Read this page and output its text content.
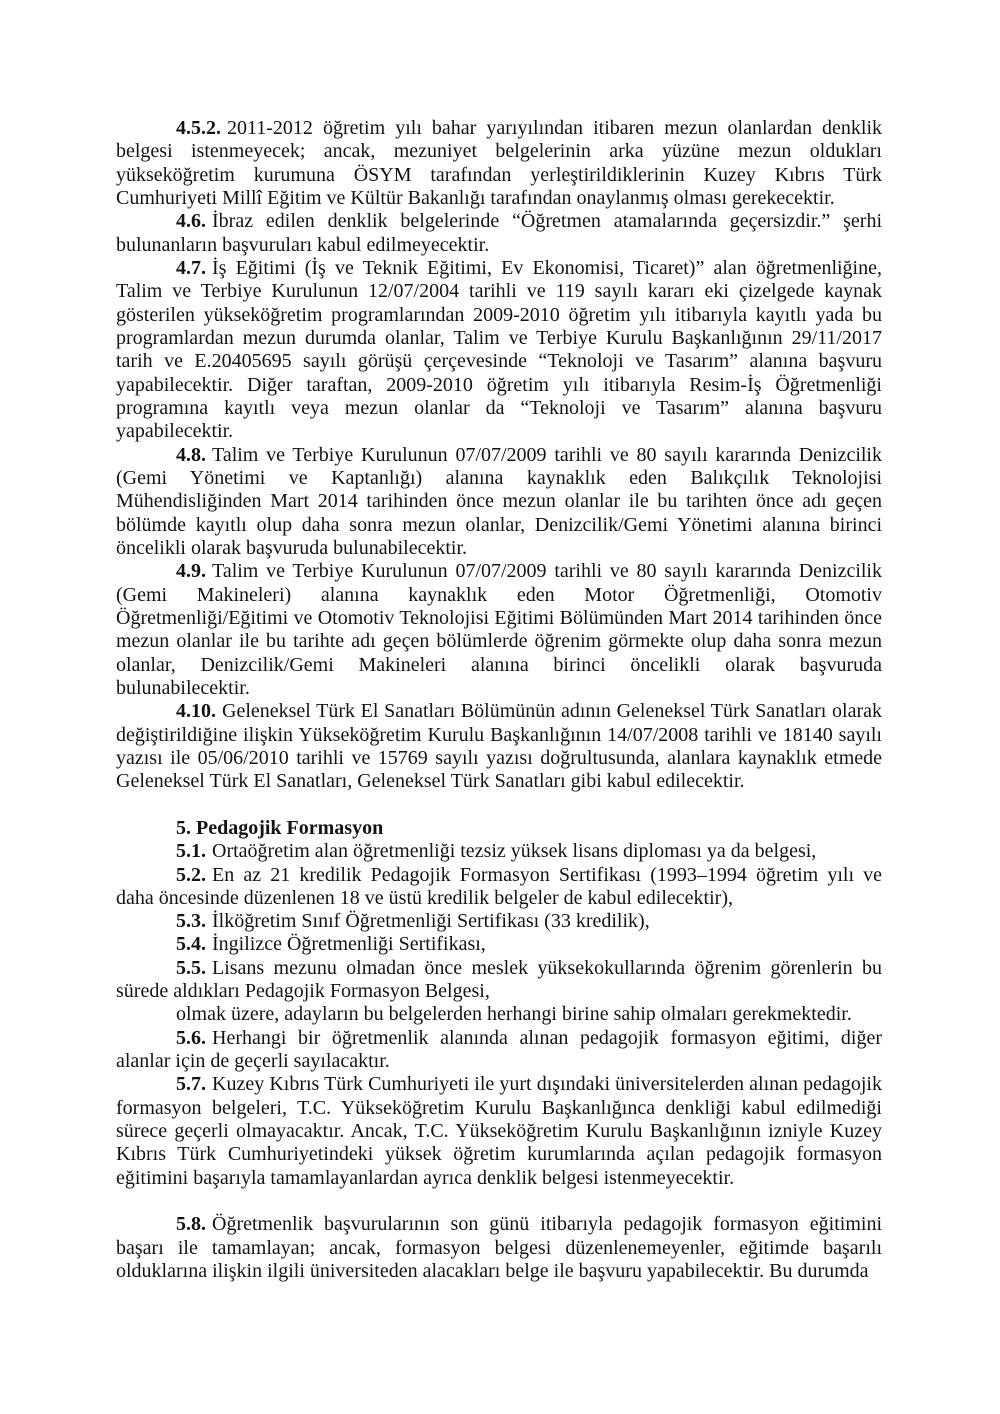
4.5.2. 2011-2012 öğretim yılı bahar yarıyılından itibaren mezun olanlardan denklik belgesi istenmeyecek; ancak, mezuniyet belgelerinin arka yüzüne mezun oldukları yükseköğretim kurumuna ÖSYM tarafından yerleştirildiklerinin Kuzey Kıbrıs Türk Cumhuriyeti Millî Eğitim ve Kültür Bakanlığı tarafından onaylanmış olması gerekecektir.

4.6. İbraz edilen denklik belgelerinde “Öğretmen atamalarında geçersizdir.” şerhi bulunanların başvuruları kabul edilmeyecektir.

4.7. İş Eğitimi (İş ve Teknik Eğitimi, Ev Ekonomisi, Ticaret)” alan öğretmenliğine, Talim ve Terbiye Kurulunun 12/07/2004 tarihli ve 119 sayılı kararı eki çizelgede kaynak gösterilen yükseköğretim programlarından 2009-2010 öğretim yılı itibarıyla kayıtlı yada bu programlardan mezun durumda olanlar, Talim ve Terbiye Kurulu Başkanlığının 29/11/2017 tarih ve E.20405695 sayılı görüşü çerçevesinde “Teknoloji ve Tasarım” alanına başvuru yapabilecektir. Diğer taraftan, 2009-2010 öğretim yılı itibarıyla Resim-İş Öğretmenliği programına kayıtlı veya mezun olanlar da “Teknoloji ve Tasarım” alanına başvuru yapabilecektir.

4.8. Talim ve Terbiye Kurulunun 07/07/2009 tarihli ve 80 sayılı kararında Denizcilik (Gemi Yönetimi ve Kaptanlığı) alanına kaynaklık eden Balıkçılık Teknolojisi Mühendisliğinden Mart 2014 tarihinden önce mezun olanlar ile bu tarihten önce adı geçen bölümde kayıtlı olup daha sonra mezun olanlar, Denizcilik/Gemi Yönetimi alanına birinci öncelikli olarak başvuruda bulunabilecektir.

4.9. Talim ve Terbiye Kurulunun 07/07/2009 tarihli ve 80 sayılı kararında Denizcilik (Gemi Makineleri) alanına kaynaklık eden Motor Öğretmenliği, Otomotiv Öğretmenliği/Eğitimi ve Otomotiv Teknolojisi Eğitimi Bölümünden Mart 2014 tarihinden önce mezun olanlar ile bu tarihte adı geçen bölümlerde öğrenim görmekte olup daha sonra mezun olanlar, Denizcilik/Gemi Makineleri alanına birinci öncelikli olarak başvuruda bulunabilecektir.

4.10. Geleneksel Türk El Sanatları Bölümünün adının Geleneksel Türk Sanatları olarak değiştirildiğine ilişkin Yükseköğretim Kurulu Başkanlığının 14/07/2008 tarihli ve 18140 sayılı yazısı ile 05/06/2010 tarihli ve 15769 sayılı yazısı doğrultusunda, alanlara kaynaklık etmede Geleneksel Türk El Sanatları, Geleneksel Türk Sanatları gibi kabul edilecektir.

5. Pedagojik Formasyon

5.1. Ortaöğretim alan öğretmenliği tezsiz yüksek lisans diploması ya da belgesi,

5.2. En az 21 kredilik Pedagojik Formasyon Sertifikası (1993–1994 öğretim yılı ve daha öncesinde düzenlenen 18 ve üstü kredilik belgeler de kabul edilecektir),

5.3. İlköğretim Sınıf Öğretmenliği Sertifikası (33 kredilik),

5.4. İngilizce Öğretmenliği Sertifikası,

5.5. Lisans mezunu olmadan önce meslek yüksekokullarında öğrenim görenlerin bu sürede aldıkları Pedagojik Formasyon Belgesi,

olmak üzere, adayların bu belgelerden herhangi birine sahip olmaları gerekmektedir.

5.6. Herhangi bir öğretmenlik alanında alınan pedagojik formasyon eğitimi, diğer alanlar için de geçerli sayılacaktır.

5.7. Kuzey Kıbrıs Türk Cumhuriyeti ile yurt dışındaki üniversitelerden alınan pedagojik formasyon belgeleri, T.C. Yükseköğretim Kurulu Başkanlığınca denkliği kabul edilmediği sürece geçerli olmayacaktır. Ancak, T.C. Yükseköğretim Kurulu Başkanlığının izniyle Kuzey Kıbrıs Türk Cumhuriyetindeki yüksek öğretim kurumlarında açılan pedagojik formasyon eğitimini başarıyla tamamlayanlardan ayrıca denklik belgesi istenmeyecektir.

5.8. Öğretmenlik başvurularının son günü itibarıyla pedagojik formasyon eğitimini başarı ile tamamlayan; ancak, formasyon belgesi düzenlenemeyenler, eğitimde başarılı olduklarına ilişkin ilgili üniversiteden alacakları belge ile başvuru yapabilecektir. Bu durumda
